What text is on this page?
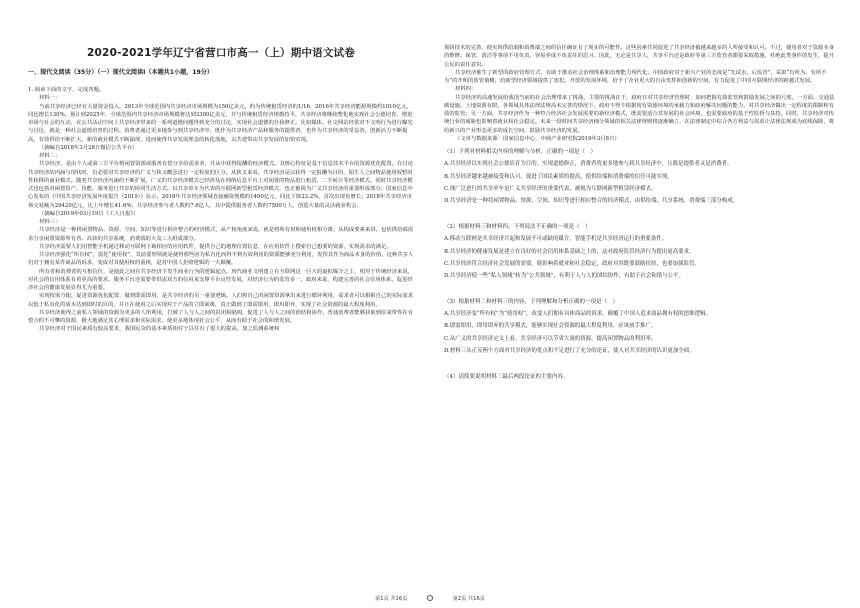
2020-2021学年辽宁省营口市高一（上）期中语文试卷
一、现代文阅读（35分）（一）现代文阅读Ⅰ（本题共1小题，19分）

1. 阅读下面的文字，完成各题。

材料一：

当前共享经济已经有大量资金投入。2013年全球范围内共享经济市场规模为150亿美元，约为传统租赁经济的1/16，2016年共享经济能源规模约1010亿元，同比增长130%。预计到2025年，全球范围内共享经济市场规模将达到3300亿美元，并与传统租赁经济规模持平。共享经济将继续整化地实现社会公德培育、增进市场与社会的互动，在公共活动空间上共享经济带来的一系列道德问题得到充分的讨论，实现社会道德的自我修正。比如媒体、社交网站经常对不文明行为进行曝光与讨论，就是一种社会道德培育的过程。消费者通过更多地参与到共享经济中，既作为共享经济产品和服务的提供者，也作为共享经济的受益者，创新活力不断提高，有效供给不断扩大，新的就业模式不断涌现，进而使得共享发展理念的转化落地，以共建带动共享发展的加快实现。

（摘编自2018年3月28日微信公共平台）

材料二：

共享经济，是由个人或第三方平台将闲置资源或服务有偿分享给需求者，并从中获得报酬的经济模式。其核心特征是基于信息技术平台的资源优化配置。在讨论共享经济的内涵与现状时，有必要对共享经济的广义与狭义概念进行一定程度的区分。从狭义来看，共享经济是以获得一定报酬为目的，陌生人之间物品使用权暂时性转移的商业模式。随着共享经济内涵的不断扩展，广义的共享经济模式已经涉及在网络信息平台上对闲置的物品进行租赁、二手转让等经济模式。同时共享经济模式也包括对闲置资产、技能、服务进行共享的协同生活方式。以共享单车为代表的互联网新型租赁经济模式，也正被视为广义共享经济的重要组成部分。国家信息中心发布的《中国共享经济发展年度报告（2019）》显示，2018年共享经济领域直接融资规模约1490亿元，同比下降23.2%，首次出现负增长；2018年共享经济市场交易额为29420亿元，比上年增长41.6%；共享经济参与者人数约7.6亿人，其中提供服务者人数约7500万人，创造大量的灵活就业机会。

（摘编自2019年03月19日《工人日报》）

材料三：

共享经济是一种将闲置物品、资源、空间、知识等进行相应整合的经济模式，从产权角度来说，就是将所有权和使用权相分离；从构成要素来讲，包括供给端需求分享闲置资源所有者、高效的共享系统，消费端的大众三大组成部分。

共享经济需要人们用智能手机通过移动互联网下载相应的应用软件，提供自己的地理位置信息，在应用软件上搜索自己想要的资源，实现需求的满足。

共享经济强化“所有权”，弱化“使用权”，其前要理领就是使得那些因为私有化而得不到有效利用的资源能够充分利用，发挥其作为商品本身的价值。这种共享人们对于拥有某件商品的诉求，变成对其使用权的重视，是对中国人拒赔逻辑的一大颠覆。

所有者和消费者的互相信任，是使此之间在共享经济下发生商业行为的逻辑起点。现代商业文明建立在互联网这一巨大的虚拟媒介之上，相对于传统经济来说，对社会的信用体系有着更高的要求。服务平台还需要带供需双方的信用来支撑平台良性发展，对经济行为的监管多一、政府来说，构建完善的社会信用体系、促进经济社会的健康发展显得尤为重要。

实现按需分配，促进资源优化配置，做到即需即用，是共享经济的另一重要逻辑。人们将自己的闲置资源拿出来进行循环利用，需求者可以根据自己的实际需求以低于私有化的成本达到即时的目的，并且在使用之后实现对于产品的立即面离，真正做到了即需即用，即用即弃，实现了社会资源的最大程度利用。

共享经济使得之前私人领域的资源为更多的人所利用，打破了人与人之间的封闭和隔阂，促进了人与人之间的团结和协作。普通消费者能够获取到原来带你在有偿合约不可攀的资源，极大地满足其心理需求和实际需求，使更多地体现社会公平，从而有助于社会的和谐发展。

共享经济对于国民素质有较高要求，我国民众的基本素质相对于以往有了很大的提高。加之监测系统和

预防技术的完善，使实现供给端和消费端之间的信任确证有了现实的可能性。这些因素共同促进了共享经济被越来越多的人所接受和认可。不过，使用者对于资源本身的维修、保管、清洁等事项不用负责，容易养成不负责任的思习。因此，无论是共享人，共享平台还是政府等第三方监管者都要采取措施，杜绝此类事件的发生，提升公民的责任意识。

共享经济催生了新型的政府管理方式，有助于推动社会治理体系和治理能力现代化。中国政府对于新兴产业的态度是“先试水、后监管”，采取“有所为、有所不为”的开明的监管策略，给新型经济领域提供了宽松、开放的发展环境，给予了企业更大的自由发挥和创新的空间，有力促进了中国互联网经济的跨越式发展。

材料四：

共享经济的高速发展给我国当前的社会治理带来了挑战，主要的挑战在于，政府在对共享经济管理时，如何把握有效监管和鼓励发展之间的尺度。一方面，交通基础设施、土地资源有限，各领域具体法律法规高未完善的情况下，政府不得不根据现有资源环境的承载力和政府解决问题的能力，对共享经济做出一定程度的限制和有效的监管；另一方面，共享经济作为一种符合经济社会发展需要的新经济模式，既需要适合其发展的社会环境，也需要政府的基于性监督与扶持。同时，共享经济对传统行业的威胁也影响着就业和社会稳定。未来一段时间共享经济细分领域的相关法律规则将逐渐确立，在法律制定中综合各方利益与需求让法律法规成为底线保障，将给新兴的产业形态更多的成长空间，鼓励共享经济的发展。

（文章与数据来源：国家信息中心，中商产业研究院2019年3月8日）

（1）下列对材料相关内容的理解与分析，正确的一项是（　）

A.共享经济以实现社会公德培育为目的，实现道德修正，消费者将更多地参与到共享经济中，且既是提供者又是消费者。

B.共享经济越来越被接受和认可，促进了国民素质的提高，使供给端和消费端的信任可能实现。

C.现广泛进行的共享单车是广义共享经济的重要代表，被视为互联网新型租赁经济模式。

D.共享经济是一种将闲置物品、资源、空间、知识等进行相应整合的经济模式，由供给端、共享系统、消费端三部分构成。

（2）根据材料三和材料四，下列说法不正确的一项是（　）

A.移动互联网是共享经济兴起和发展不可或缺的媒介，智能手机是共享经济运行的重要条件。

B.共享经济的健康发展是建立在良好的社会信用体系基础之上的，这对政府监管经济行为提出更高要求。

C.共享经济符合经济社会发展的需要，能影响着就业和社会稳定，政府对其既要鼓励扶持，也要加强监管。

D.共享经济使一些“私人领域”转为“公共领域”，有利于人与人的团结协作，有助于社会和谐与公平。

（3）根据材料二和材料三的内容，下列理解和分析正确的一项是（　）

A.共享经济变“所有权”为“使用权”，改变人们拥有具体商品的诉求，颠覆了中国人追求商品拥有权的思维逻辑。

B.即需即用，即用即弃的共享模式，能够实现社会资源的最大程度利用，应该放手推广。

C.从广义的共享经济定义上看，共享经济可以节省大量的资源，提高闲置物品的利用率。

D.材料三从正反两个方面对共享经济的优点和不足进行了充分的论证，使人对共享经济的认识更加全面。

（4）请简要说明材料三最后两段论证的主要内容。

第1页 共16页	第2页 共16页
